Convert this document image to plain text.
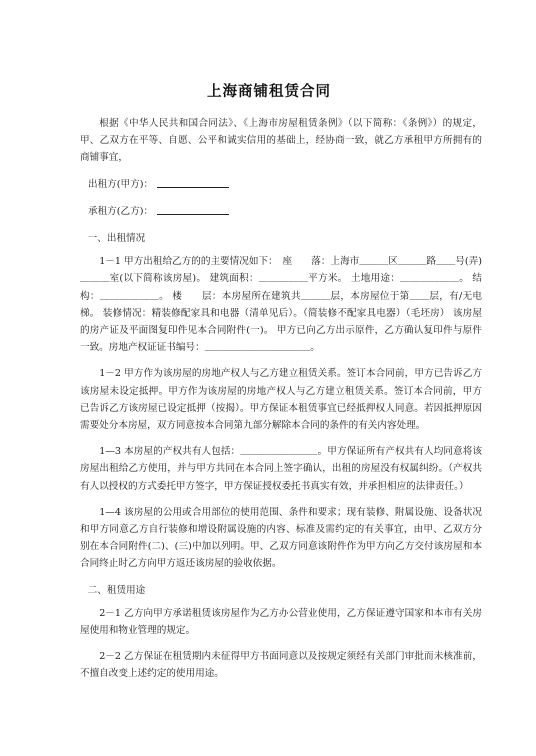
上海商铺租赁合同

根据《中华人民共和国合同法》、《上海市房屋租赁条例》（以下简称：《条例》）的规定，甲、乙双方在平等、自愿、公平和诚实信用的基础上，经协商一致，就乙方承租甲方所拥有的商铺事宜，

出租方(甲方)：

承租方(乙方)：

一、出租情况

1－1 甲方出租给乙方的的主要情况如下：　座　　落：上海市＿＿＿区＿＿＿路＿＿号(弄)＿＿＿室(以下简称该房屋)。 建筑面积：＿＿＿＿＿平方米。 土地用途：＿＿＿＿＿＿。 结　　构：＿＿＿＿＿＿。 楼　　层：本房屋所在建筑共＿＿＿层，本房屋位于第＿＿层，有/无电梯。 装修情况：精装修配家具和电器（清单见后）。（简装修不配家具电器）（毛坯房） 该房屋的房产证及平面图复印件见本合同附件(一)。 甲方已向乙方出示原件，乙方确认复印件与原件一致。房地产权证证书编号：＿＿＿＿＿＿＿＿＿＿＿。

1－2 甲方作为该房屋的房地产权人与乙方建立租赁关系。签订本合同前，甲方已告诉乙方该房屋未设定抵押。甲方作为该房屋的房地产权人与乙方建立租赁关系。签订本合同前，甲方已告诉乙方该房屋已设定抵押（按揭）。甲方保证本租赁事宜已经抵押权人同意。若因抵押原因需要处分本房屋，双方同意按本合同第九部分解除本合同的条件的有关内容处理。

1—3 本房屋的产权共有人包括：＿＿＿＿＿＿＿＿。甲方保证所有产权共有人均同意将该房屋出租给乙方使用，并与甲方共同在本合同上签字确认，出租的房屋没有权属纠纷。（产权共有人以授权的方式委托甲方签字，甲方保证授权委托书真实有效，并承担相应的法律责任。）

1—4 该房屋的公用或合用部位的使用范围、条件和要求；现有装修、附属设施、设备状况和甲方同意乙方自行装修和增设附属设施的内容、标准及需约定的有关事宜，由甲、乙双方分别在本合同附件(二)、(三)中加以列明。甲、乙双方同意该附件作为甲方向乙方交付该房屋和本合同终止时乙方向甲方返还该房屋的验收依据。

二、租赁用途

2－1 乙方向甲方承诺租赁该房屋作为乙方办公营业使用，乙方保证遵守国家和本市有关房屋使用和物业管理的规定。

2－2 乙方保证在租赁期内未征得甲方书面同意以及按规定须经有关部门审批而未核准前，不擅自改变上述约定的使用用途。
